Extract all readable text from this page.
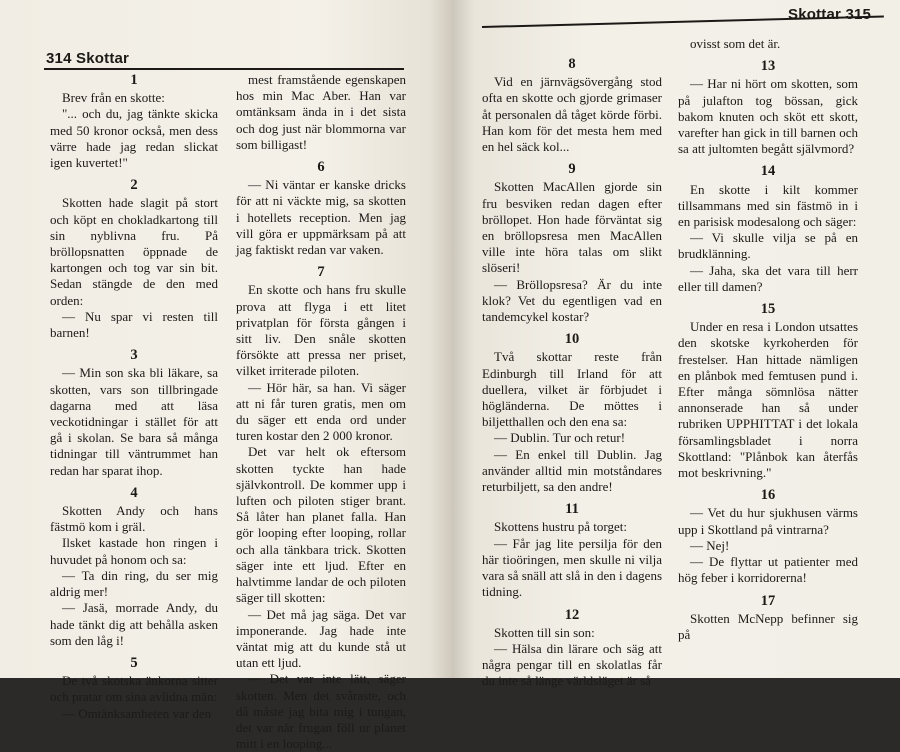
314 Skottar
1

Brev från en skotte:

"... och du, jag tänkte skicka med 50 kronor också, men dess värre hade jag redan slickat igen kuvertet!"

2

Skotten hade slagit på stort och köpt en chokladkartong till sin nyblivna fru. På bröllopsnatten öppnade de kartongen och tog var sin bit. Sedan stängde de den med orden:

— Nu spar vi resten till barnen!

3

— Min son ska bli läkare, sa skotten, vars son tillbringade dagarna med att läsa veckotidningar i stället för att gå i skolan. Se bara så många tidningar till väntrummet han redan har sparat ihop.

4

Skotten Andy och hans fästmö kom i gräl.

Ilsket kastade hon ringen i huvudet på honom och sa:

— Ta din ring, du ser mig aldrig mer!

— Jasä, morrade Andy, du hade tänkt dig att behålla asken som den låg i!

5

De två skotska änkorna sitter och pratar om sina avlidna män:

— Omtänksamheten var den

mest framstående egenskapen hos min Mac Aber. Han var omtänksam ända in i det sista och dog just när blommorna var som billigast!

6

— Ni väntar er kanske dricks för att ni väckte mig, sa skotten i hotellets reception. Men jag vill göra er uppmärksam på att jag faktiskt redan var vaken.

7

En skotte och hans fru skulle prova att flyga i ett litet privatplan för första gången i sitt liv. Den snåle skotten försökte att pressa ner priset, vilket irriterade piloten.

— Hör här, sa han. Vi säger att ni får turen gratis, men om du säger ett enda ord under turen kostar den 2 000 kronor.

Det var helt ok eftersom skotten tyckte han hade självkontroll. De kommer upp i luften och piloten stiger brant. Så låter han planet falla. Han gör looping efter looping, rollar och alla tänkbara trick. Skotten säger inte ett ljud. Efter en halvtimme landar de och piloten säger till skotten:

— Det må jag säga. Det var imponerande. Jag hade inte väntat mig att du kunde stå ut utan ett ljud.

— Det var inte lätt, säger skotten. Men det svåraste, och då måste jag bita mig i tungan, det var när frugan föll ur planet mitt i en looping...

Skottar 315
8

Vid en järnvägsövergång stod ofta en skotte och gjorde grimaser åt personalen då tåget körde förbi. Han kom för det mesta hem med en hel säck kol...

9

Skotten MacAllen gjorde sin fru besviken redan dagen efter bröllopet. Hon hade förväntat sig en bröllopsresa men MacAllen ville inte höra talas om slikt slöseri!

— Bröllopsresa? Är du inte klok? Vet du egentligen vad en tandemcykel kostar?

10

Två skottar reste från Edinburgh till Irland för att duellera, vilket är förbjudet i högländerna. De möttes i biljetthallen och den ena sa:

— Dublin. Tur och retur!

— En enkel till Dublin. Jag använder alltid min motståndares returbiljett, sa den andre!

11

Skottens hustru på torget:

— Får jag lite persilja för den här tioöringen, men skulle ni vilja vara så snäll att slå in den i dagens tidning.

12

Skotten till sin son:

— Hälsa din lärare och säg att några pengar till en skolatlas får du inte så länge världsläget är så

ovisst som det är.

13

— Har ni hört om skotten, som på julafton tog bössan, gick bakom knuten och sköt ett skott, varefter han gick in till barnen och sa att jultomten begått självmord?

14

En skotte i kilt kommer tillsammans med sin fästmö in i en parisisk modesalong och säger:

— Vi skulle vilja se på en brudklänning.

— Jaha, ska det vara till herr eller till damen?

15

Under en resa i London utsattes den skotske kyrkoherden för frestelser. Han hittade nämligen en plånbok med femtusen pund i. Efter många sömnlösa nätter annonserade han så under rubriken UPPHITTAT i det lokala församlingsbladet i norra Skottland: "Plånbok kan återfås mot beskrivning."

16

— Vet du hur sjukhusen värms upp i Skottland på vintrarna?

— Nej!

— De flyttar ut patienter med hög feber i korridorerna!

17

Skotten McNepp befinner sig på
